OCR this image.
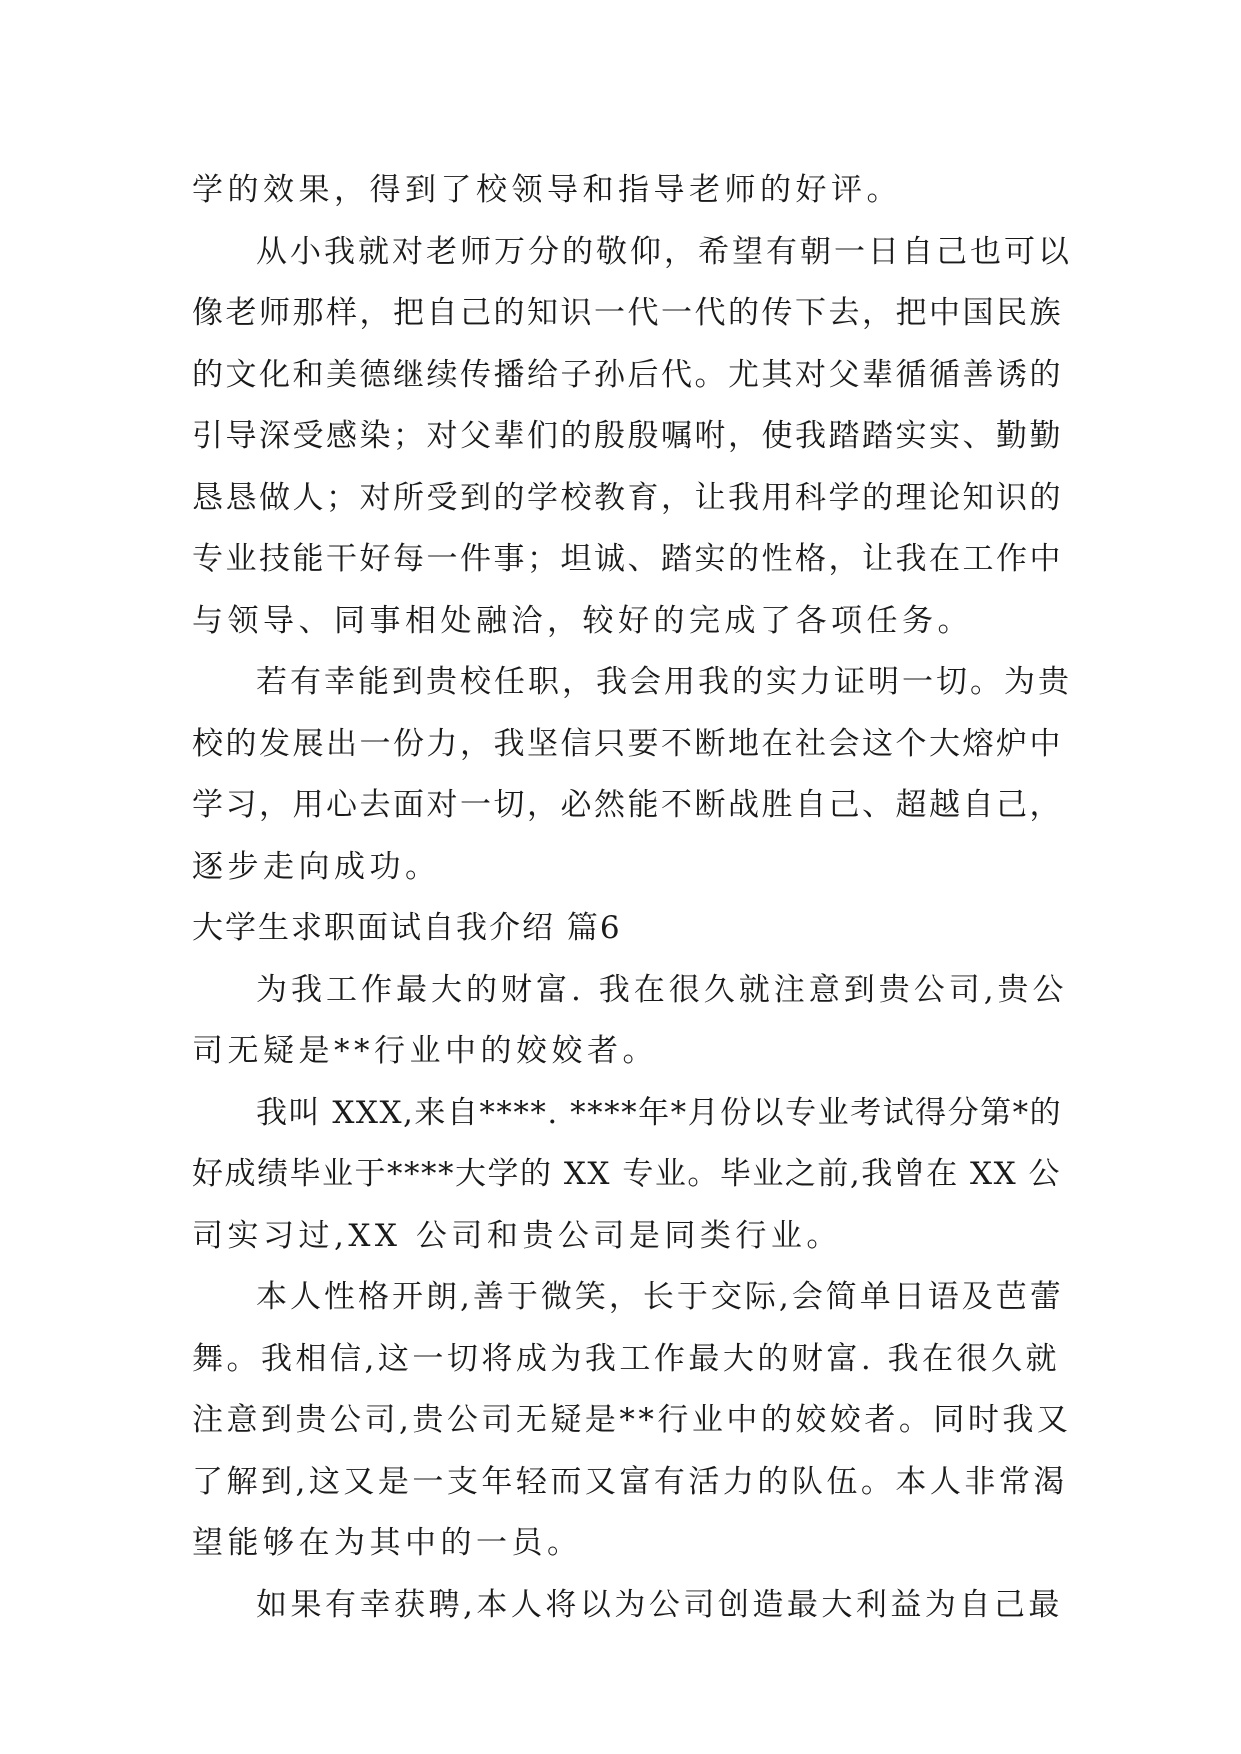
学的效果，得到了校领导和指导老师的好评。
从小我就对老师万分的敬仰，希望有朝一日自己也可以
像老师那样，把自己的知识一代一代的传下去，把中国民族
的文化和美德继续传播给子孙后代。尤其对父辈循循善诱的
引导深受感染；对父辈们的殷殷嘱咐，使我踏踏实实、勤勤
恳恳做人；对所受到的学校教育，让我用科学的理论知识的
专业技能干好每一件事；坦诚、踏实的性格，让我在工作中
与领导、同事相处融洽，较好的完成了各项任务。
若有幸能到贵校任职，我会用我的实力证明一切。为贵
校的发展出一份力，我坚信只要不断地在社会这个大熔炉中
学习，用心去面对一切，必然能不断战胜自己、超越自己，
逐步走向成功。
大学生求职面试自我介绍 篇6
为我工作最大的财富. 我在很久就注意到贵公司,贵公
司无疑是**行业中的姣姣者。
我叫 XXX,来自****. ****年*月份以专业考试得分第*的
好成绩毕业于****大学的 XX 专业。毕业之前,我曾在 XX 公
司实习过,XX 公司和贵公司是同类行业。
本人性格开朗,善于微笑，长于交际,会简单日语及芭蕾
舞。我相信,这一切将成为我工作最大的财富. 我在很久就
注意到贵公司,贵公司无疑是**行业中的姣姣者。同时我又
了解到,这又是一支年轻而又富有活力的队伍。本人非常渴
望能够在为其中的一员。
如果有幸获聘,本人将以为公司创造最大利益为自己最
